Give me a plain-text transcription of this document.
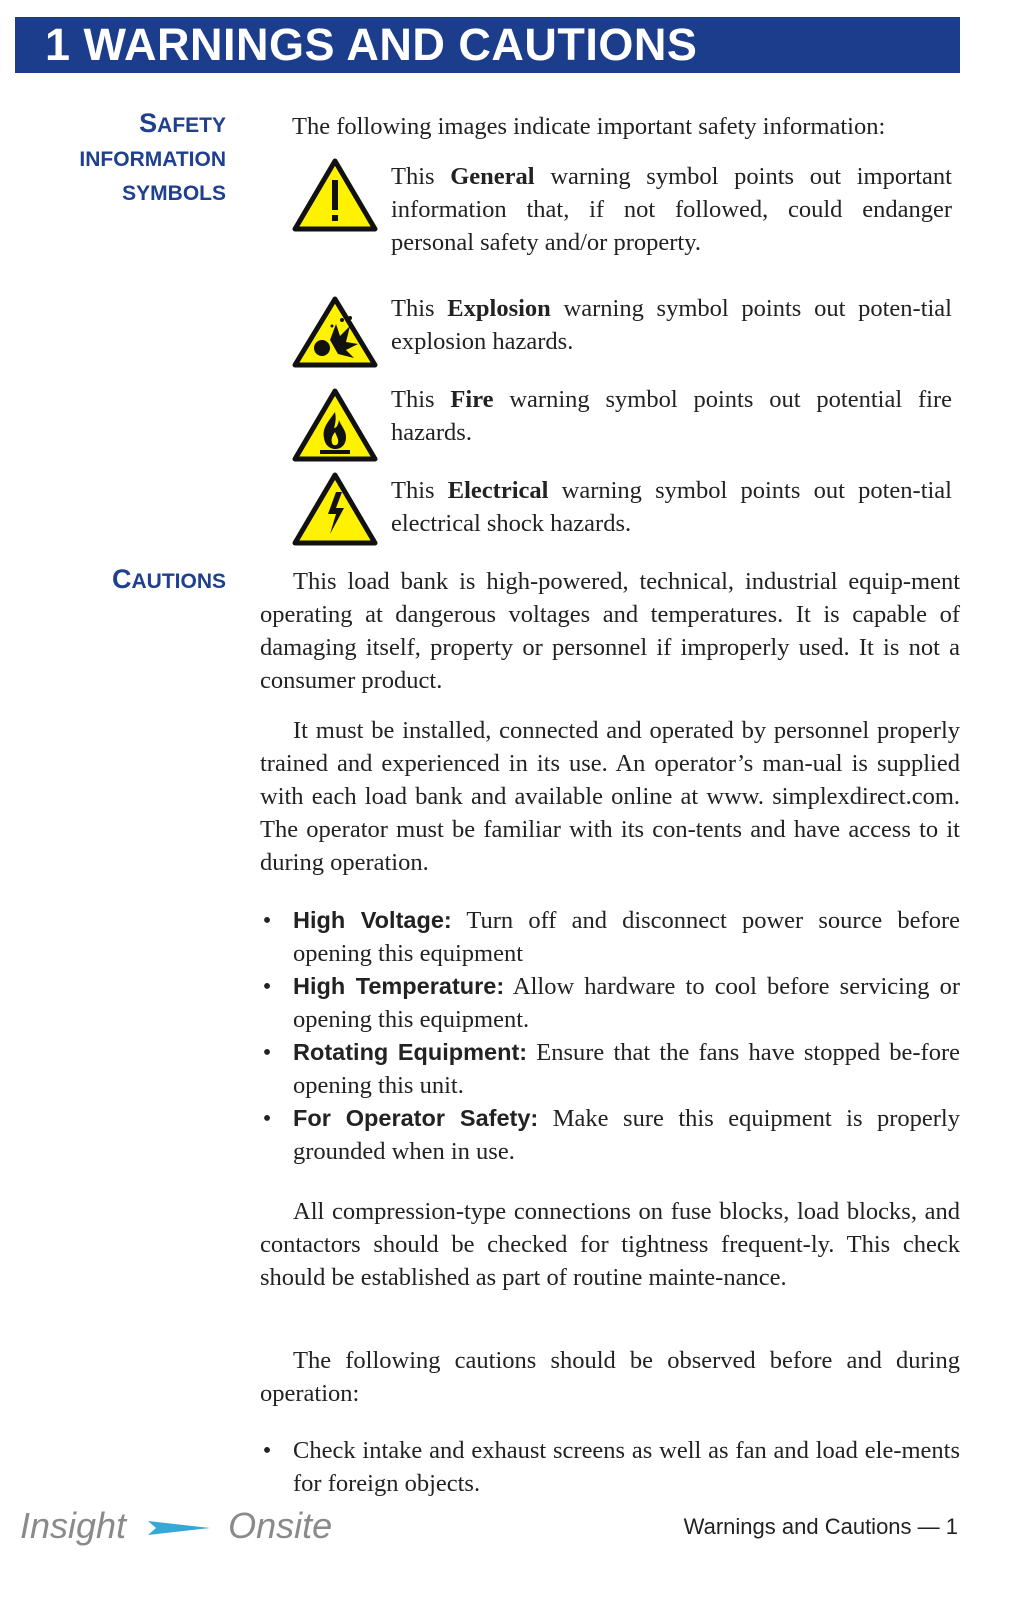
1 WARNINGS AND CAUTIONS
SAFETY
INFORMATION
SYMBOLS

The following images indicate important safety information:

This General warning symbol points out important information that, if not followed, could endanger personal safety and/or property.

This Explosion warning symbol points out poten-tial explosion hazards.

This Fire warning symbol points out potential fire hazards.

This Electrical warning symbol points out poten-tial electrical shock hazards.

CAUTIONS	This load bank is high-powered, technical, industrial equip-ment operating at dangerous voltages and temperatures. It is capable of damaging itself, property or personnel if improperly used. It is not a consumer product.

It must be installed, connected and operated by personnel properly trained and experienced in its use. An operator’s man-ual is supplied with each load bank and available online at www. simplexdirect.com. The operator must be familiar with its con-tents and have access to it during operation.

• High Voltage: Turn off and disconnect power source before opening this equipment
• High Temperature: Allow hardware to cool before servicing or opening this equipment.
• Rotating Equipment: Ensure that the fans have stopped be-fore opening this unit.
• For Operator Safety: Make sure this equipment is properly grounded when in use.

All compression-type connections on fuse blocks, load blocks, and contactors should be checked for tightness frequent-ly. This check should be established as part of routine mainte-nance.

The following cautions should be observed before and during operation:

• Check intake and exhaust screens as well as fan and load ele-ments for foreign objects.
Insight	Onsite	Warnings and Cautions — 1
